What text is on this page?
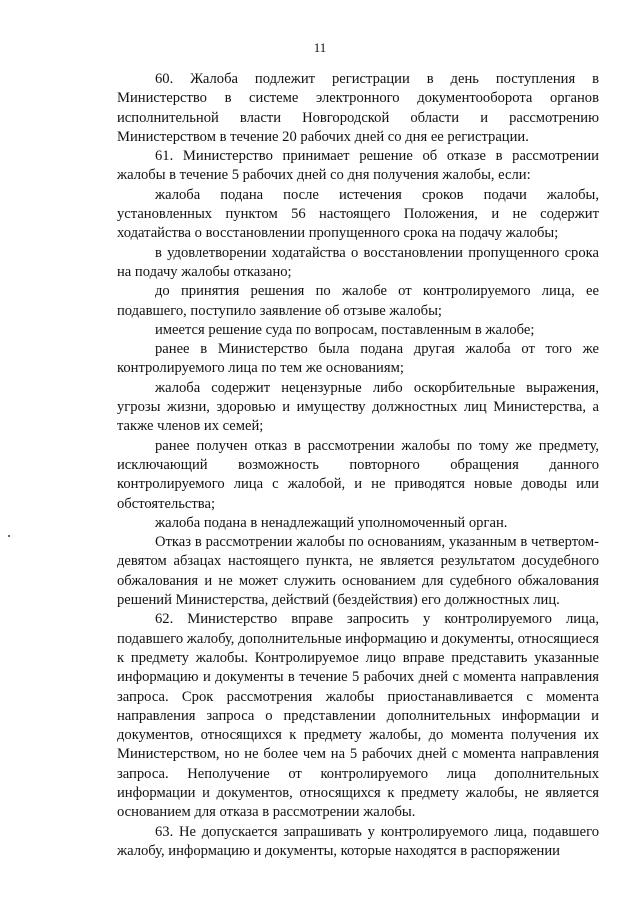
11

60. Жалоба подлежит регистрации в день поступления в Министерство в системе электронного документооборота органов исполнительной власти Новгородской области и рассмотрению Министерством в течение 20 рабочих дней со дня ее регистрации.

61. Министерство принимает решение об отказе в рассмотрении жалобы в течение 5 рабочих дней со дня получения жалобы, если:

жалоба подана после истечения сроков подачи жалобы, установленных пунктом 56 настоящего Положения, и не содержит ходатайства о восстановлении пропущенного срока на подачу жалобы;

в удовлетворении ходатайства о восстановлении пропущенного срока на подачу жалобы отказано;

до принятия решения по жалобе от контролируемого лица, ее подавшего, поступило заявление об отзыве жалобы;

имеется решение суда по вопросам, поставленным в жалобе;

ранее в Министерство была подана другая жалоба от того же контролируемого лица по тем же основаниям;

жалоба содержит нецензурные либо оскорбительные выражения, угрозы жизни, здоровью и имуществу должностных лиц Министерства, а также членов их семей;

ранее получен отказ в рассмотрении жалобы по тому же предмету, исключающий возможность повторного обращения данного контролируемого лица с жалобой, и не приводятся новые доводы или обстоятельства;

жалоба подана в ненадлежащий уполномоченный орган.

Отказ в рассмотрении жалобы по основаниям, указанным в четвертом-девятом абзацах настоящего пункта, не является результатом досудебного обжалования и не может служить основанием для судебного обжалования решений Министерства, действий (бездействия) его должностных лиц.

62. Министерство вправе запросить у контролируемого лица, подавшего жалобу, дополнительные информацию и документы, относящиеся к предмету жалобы. Контролируемое лицо вправе представить указанные информацию и документы в течение 5 рабочих дней с момента направления запроса. Срок рассмотрения жалобы приостанавливается с момента направления запроса о представлении дополнительных информации и документов, относящихся к предмету жалобы, до момента получения их Министерством, но не более чем на 5 рабочих дней с момента направления запроса. Неполучение от контролируемого лица дополнительных информации и документов, относящихся к предмету жалобы, не является основанием для отказа в рассмотрении жалобы.

63. Не допускается запрашивать у контролируемого лица, подавшего жалобу, информацию и документы, которые находятся в распоряжении
